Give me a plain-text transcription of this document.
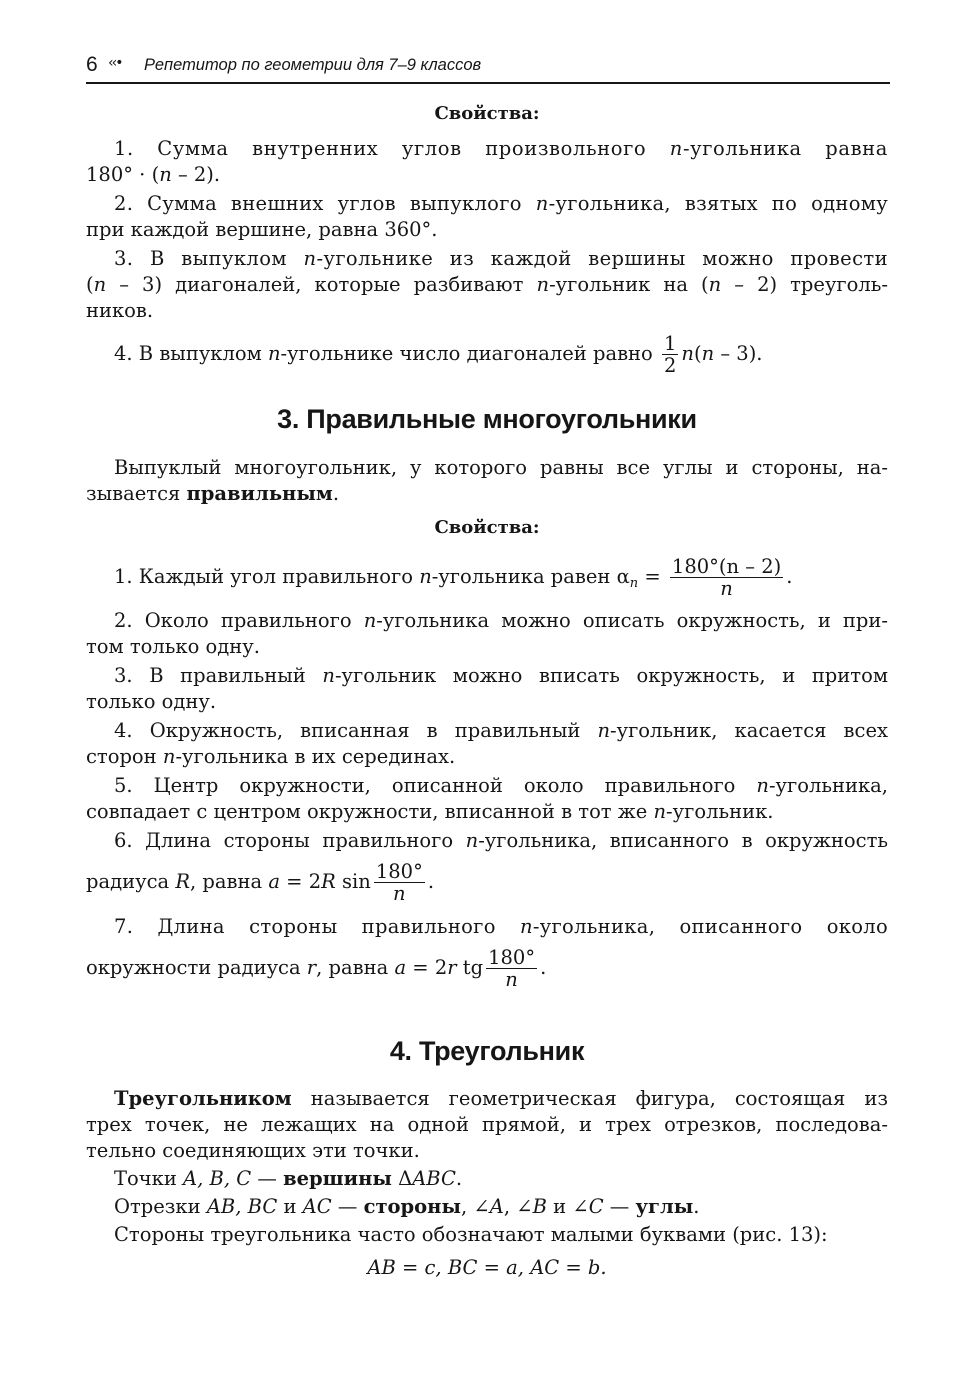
6 ‹‹• Репетитор по геометрии для 7–9 классов
Свойства:
1. Сумма внутренних углов произвольного n-угольника равна
180° · (n – 2).
2. Сумма внешних углов выпуклого n-угольника, взятых по одному
при каждой вершине, равна 360°.
3. В выпуклом n-угольнике из каждой вершины можно провести
(n – 3) диагоналей, которые разбивают n-угольник на (n – 2) треуголь-
ников.
4. В выпуклом n-угольнике число диагоналей равно $\frac{1}{2} n(n - 3)$.
3. Правильные многоугольники
Выпуклый многоугольник, у которого равны все углы и стороны, на-
зывается правильным.
Свойства:
1. Каждый угол правильного n-угольника равен $\alpha_n = \frac{180^\circ(n - 2)}{n}$ .
2. Около правильного n-угольника можно описать окружность, и при-
том только одну.
3. В правильный n-угольник можно вписать окружность, и притом
только одну.
4. Окружность, вписанная в правильный n-угольник, касается всех
сторон n-угольника в их серединах.
5. Центр окружности, описанной около правильного n-угольника,
совпадает с центром окружности, вписанной в тот же n-угольник.
6. Длина стороны правильного n-угольника, вписанного в окружность
радиуса R, равна a = 2R $\sin \frac{180^\circ}{n}$ .
7. Длина стороны правильного n-угольника, описанного около
окружности радиуса r, равна a = 2r tg $\frac{180^\circ}{n}$ .
4. Треугольник
Треугольником называется геометрическая фигура, состоящая из
трех точек, не лежащих на одной прямой, и трех отрезков, последова-
тельно соединяющих эти точки.
Точки A, B, C — вершины ΔABC.
Отрезки AB, BC и AC — стороны, ∠A, ∠B и ∠C — углы.
Стороны треугольника часто обозначают малыми буквами (рис. 13):
AB = c, BC = a, AC = b.
